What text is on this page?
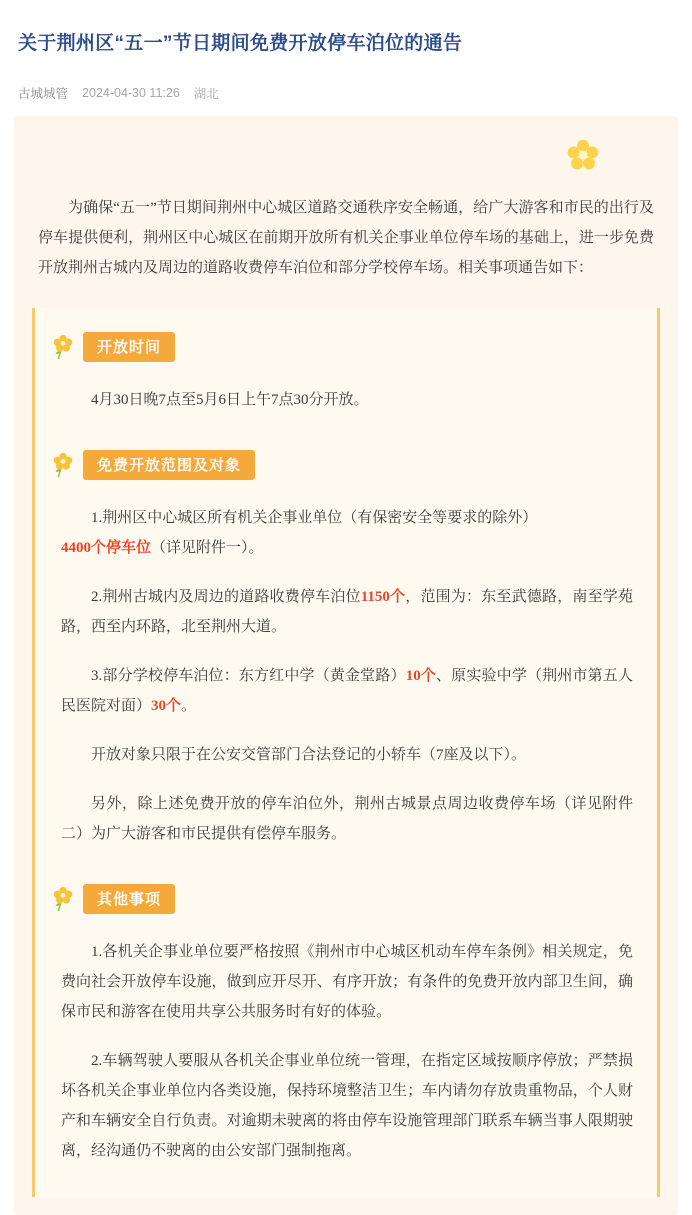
关于荆州区“五一”节日期间免费开放停车泊位的通告
古城城管 2024-04-30 11:26 湖北

为确保“五一”节日期间荆州中心城区道路交通秩序安全畅通，给广大游客和市民的出行及停车提供便利，荆州区中心城区在前期开放所有机关企事业单位停车场的基础上，进一步免费开放荆州古城内及周边的道路收费停车泊位和部分学校停车场。相关事项通告如下：

开放时间

4月30日晚7点至5月6日上午7点30分开放。

免费开放范围及对象

1.荆州区中心城区所有机关企事业单位（有保密安全等要求的除外）
4400个停车位（详见附件一）。

2.荆州古城内及周边的道路收费停车泊位1150个，范围为：东至武德路，南至学苑路，西至内环路，北至荆州大道。

3.部分学校停车泊位：东方红中学（黄金堂路）10个、原实验中学（荆州市第五人民医院对面）30个。

开放对象只限于在公安交管部门合法登记的小轿车（7座及以下）。

另外，除上述免费开放的停车泊位外，荆州古城景点周边收费停车场（详见附件二）为广大游客和市民提供有偿停车服务。

其他事项

1.各机关企事业单位要严格按照《荆州市中心城区机动车停车条例》相关规定，免费向社会开放停车设施，做到应开尽开、有序开放；有条件的免费开放内部卫生间，确保市民和游客在使用共享公共服务时有好的体验。

2.车辆驾驶人要服从各机关企事业单位统一管理，在指定区域按顺序停放；严禁损坏各机关企事业单位内各类设施，保持环境整洁卫生；车内请勿存放贵重物品，个人财产和车辆安全自行负责。对逾期未驶离的将由停车设施管理部门联系车辆当事人限期驶离，经沟通仍不驶离的由公安部门强制拖离。
